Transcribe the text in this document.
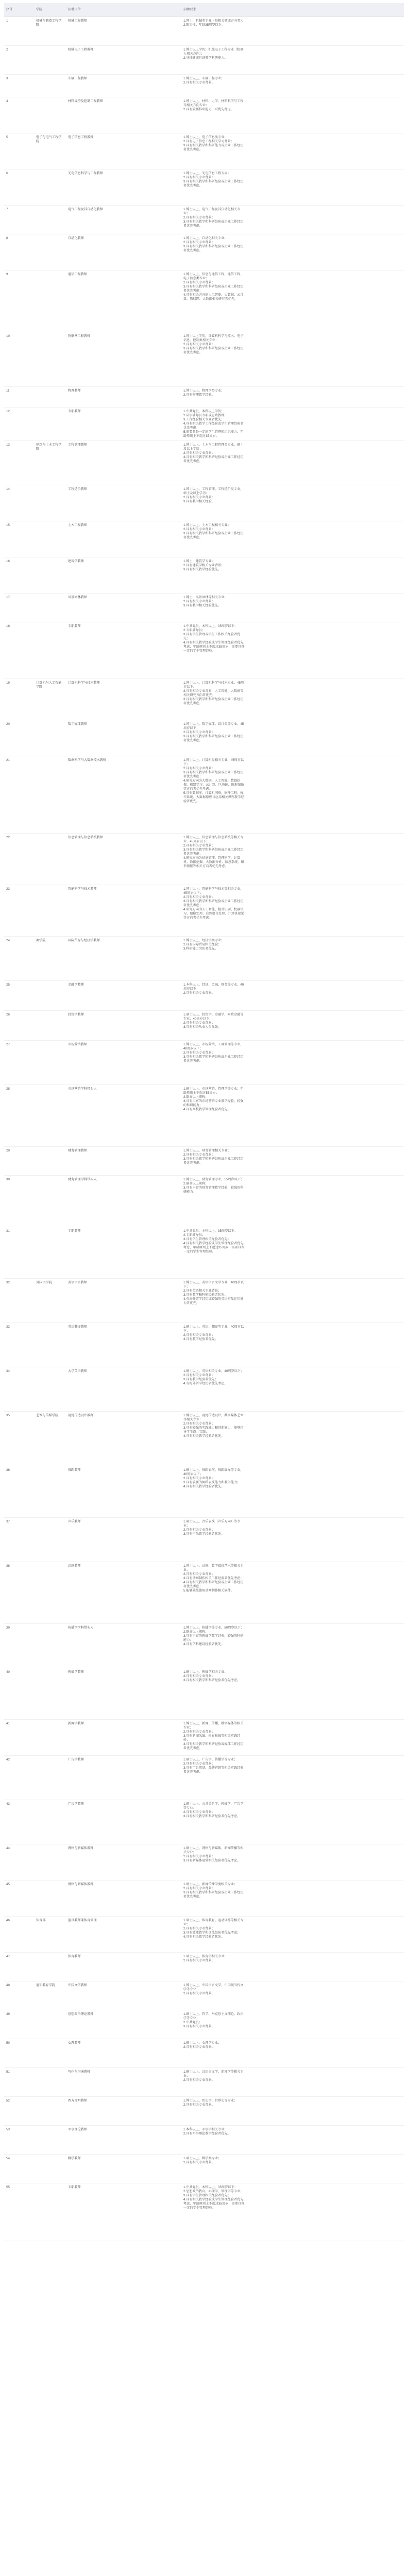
序号	学院	招聘岗位		招聘要求	
1	机械与制造工程学院	机械工程教师		1.博士，机械类专业（限相关领域方向者）；
2.限男性；年龄35周岁以下。	
2		机械电子工程教师		1.博士以上学历；机械电子工程专业（机器人相关方向）；
2.身体健康具备教学科研能力。	
3		车辆工程教师		1.博士以上，车辆工程专业；
2.具有相关专业背景。	
4		材料成型及控制工程教师		1.博士以上，材料、力学、材料科学与工程等相关方向专业；
2.具有较强科研能力，可优先考虑。	
5	电子与电气工程学院	电子信息工程教师		1.博士以上，电子信息类专业；
2.具有电子信息工程相关学习背景；
3.具有相关教学和科研能力或企业工作经历者优先考虑。	
6		光电信息科学与工程教师		1.博士以上，光电信息工程方向；
2.具有相关专业背景；
3.具有相关教学和科研经验或企业工作经历者优先考虑。	
7		电气工程及其自动化教师		1.博士以上，电气工程及其自动化相关专业；
2.具有相关专业背景；
3.具有相关教学和科研经验或企业工作经历者优先考虑。	
8		自动化教师		1.博士以上，自动化相关专业；
2.具有相关专业背景；
3.具有相关教学和科研经验或企业工作经历者优先考虑。	
9		通信工程教师		1.博士以上，信息与通信工程、通信工程、电子信息类专业；
2.具有相关专业背景；
3.具有相关教学和科研经验或企业工作经历者优先考虑；
4.具有相关方向的人工智能、大数据、云计算、物联网、大数据相关研究者优先。	
10		物联网工程教师		1.博士以上学历，计算机科学与技术、电子信息、控制类相关专业；
2.具有相关专业背景；
3.具有相关教学和科研经验或企业工作经历者优先考虑。	
11		物理教师		1.博士以上，物理学类专业；
2.具有物理教学经验。	
12		专职教师		1.中共党员，本科以上学历；
2.从事辅导员专职或思政教师；
3.工作经验相关专业者优先；
4.具有相关教学工作经验或学生管理经验者优先考虑；
5.需要具备一定的学生管理和组织能力；年龄原则上不超过35周岁。	
13	建筑与土木工程学院	工程管理教师		1.博士以上，土木与工程管理类专业，硕士及以上学历；
2.具有相关专业背景；
3.具有相关教学和科研经验或企业工作经历者优先考虑。	
14		工程造价教师		1.博士以上，工程管理、工程造价类专业，硕士及以上学历；
2.具有相关专业背景；
3.具有教学相关经验。	
15		土木工程教师		1.博士以上，土木工程相关专业；
2.具有相关专业背景；
3.具有相关教学和科研经验或企业工作经历者优先考虑。	
16		建筑学教师		1.博士，建筑学专业；
2.具有建筑学相关专业背景；
3.具有相关教学经验优先。	
17		风景园林教师		1.博士，风景园林等相关专业；
2.具有相关专业背景；
3.具有教学相关经验优先。	
18		专职教师		1.中共党员，本科以上，35周岁以下；
2.专职辅导员；
3.具有学生管理或学生工作相关经验者优先；
4.具有相关教学经验或学生管理经验者优先考虑，年龄原则上不超过35周岁，需要具备一定的学生管理经验。	
19	计算机与人工智能学院	计算机科学与技术教师		1.博士以上，计算机科学与技术专业，45周岁以下；
2.具有相关专业背景，人工智能、大数据等相关研究方向者优先；
3.具有相关教学和科研经验或企业工作经历者优先考虑。	
20		数字媒体教师		1.博士以上，数字媒体、设计类等专业，45周岁以下；
2.具有相关专业背景；
3.具有相关教学和科研经验或企业工作经历者优先考虑。	
21		数据科学与大数据技术教师		1.博士以上，计算机类相关专业，45周岁以下；
2.具有相关专业背景；
3.具有相关教学和科研经验或企业工作经历者优先考虑；
4.研究方向为大数据、人工智能、数据挖掘、机器学习、云计算、区块链、图形图像等方向者优先考虑；
5.具有数据库、计算机网络、软件工程、操作系统、大数据原理与应用相关课程教学经验者优先。	
22		信息管理与信息系统教师		1.博士以上，信息管理与信息系统等相关专业，45周岁以下；
2.具有相关专业背景；
3.具有相关教学和科研经验或企业工作经历者优先考虑；
4.研究方向为信息管理、管理科学、计算机、数据挖掘、大数据分析、信息系统、图书情报等相关方向者优先考虑。	
23		智能科学与技术教师		1.博士以上，智能科学与技术等相关专业，45周岁以下；
2.具有相关专业背景；
3.具有相关教学和科研经验或企业工作经历者优先考虑；
4.研究方向为人工智能、模式识别、机器学习、图像处理、自然语言处理、计算机视觉等方向者优先考虑。	
24	商学院	国际贸易与经济学教师		1.博士以上，经济学类专业；
2.具有国际贸易相关经验；
3.科研能力突出者优先。	
25		金融学教师		1.本科以上，经济、金融、财务等专业，40周岁以下；
2.具有相关专业背景。	
26		投资学教师		1.硕士以上，投资学、金融学、财政金融等专业，40周岁以下；
2.具有相关专业背景；
3.具有相关从业人员优先。	
27		市场营销教师		1.博士以上，市场营销、工商管理等专业，40周岁以下；
2.具有相关专业背景；
3.具有相关教学和科研经验或企业工作经历者优先考虑。	
28		市场营销学科带头人		1.硕士以上，市场营销、管理学等专业；年龄原则上不超过55周岁；
2.副高以上职称；
3.具有丰富的市场营销专业教学经验，较强的科研能力；
4.具有高校教学管理经验者优先。	
29		财务管理教师		1.博士以上，财务管理相关专业；
2.具有相关专业背景；
3.具有相关教学和科研经验或企业工作经历者优先考虑。	
30		财务管理学科带头人		1.博士以上，财务管理专业，55周岁以下；
2.副高以上职称；
3.具有丰富的财务管理教学经验，较强的科研能力。	
31		专职教师		1.中共党员，本科以上，35周岁以下；
2.专职辅导员；
3.具有学生管理相关经验者优先；
4.具有相关教学经验或学生管理经验者优先考虑，年龄原则上不超过35周岁，需要具备一定的学生管理经验。	
32	外国语学院	英语语言教师		1.博士以上，英语语言文学专业，40周岁以下；
2.具有英语相关专业背景；
3.具有教学和科研经验者优先；
4.有海外留学经历或较强的英语实际运用能力者优先。	
33		英语翻译教师		1.硕士以上，英语、翻译等专业，40周岁以下；
2.具有相关专业背景；
3.具有教学经验者优先。	
34		大学英语教师		1.硕士以上，英语相关专业，40周岁以下；
2.具有相关专业背景；
3.具有教学经验者优先；
4.有海外留学经历者优先考虑。	
35	艺术与传媒学院	视觉传达设计教师		1.博士以上，视觉传达设计、数字媒体艺术等相关专业；
2.具有相关专业背景；
3.具有较强的实践能力和创新能力，能够指导学生设计实践；
4.具有相关教学经验者优先。	
36		舞蹈教师		1.硕士以上，舞蹈表演、舞蹈编导等专业，40周岁以下；
2.具有相关专业背景；
3.具有较强的舞蹈表演能力和教学能力；
4.具有相关教学经验者优先。	
37		声乐教师		1.硕士以上，音乐表演（声乐方向）等专业；
2.具有相关专业背景；
3.具有声乐教学经验者优先。	
38		动画教师		1.博士以上，动画、数字媒体艺术等相关专业；
2.具有相关专业背景；
3.具有动画制作相关工作经验者优先考虑；
4.具有相关教学和科研经验或企业工作经历者优先考虑；
5.能够熟练使用动画制作相关软件。	
39		传播学学科带头人		1.博士以上，传播学等专业，50周岁以下；
2.副高以上职称；
3.具有丰富的传播学教学经验，较强的科研能力；
4.具有学科建设经验者优先。	
40		传播学教师		1.硕士以上，传播学相关专业；
2.具有相关专业背景；
3.具有相关教学和科研经验者优先考虑。	
41		新闻学教师		1.博士以上，新闻、传播、数字媒体等相关专业；
2.具有相关专业背景；
3.具有新闻采编、摄影摄像等相关实践经验；
4.具有相关教学和科研经验或媒体工作经历者优先考虑。	
42		广告学教师		1.硕士以上，广告学、传播学等专业；
2.具有相关专业背景；
3.具有广告策划、品牌营销等相关实践经验者优先考虑。	
43		广告学教师		1.硕士以上，公共关系学、传播学、广告学等专业；
2.具有相关专业背景；
3.具有相关教学和科研经验者优先考虑。	
44		网络与新媒体教师		1.硕士以上，网络与新媒体、新闻传播等相关专业；
2.具有相关专业背景；
3.具有新媒体运营相关经验者优先考虑。	
45		网络与新媒体教师		1.硕士以上，新闻传播学类相关专业；
2.具有相关专业背景；
3.具有相关教学和科研经验或企业工作经历者优先考虑。	
46	体育部	篮球教师兼体育管理		1.硕士以上，体育教育、运动训练等相关专业；
2.具有相关专业背景；
3.具有篮球教学和训练经验者优先考虑；
4.具有相关教学经验者优先。	
47		体育教师		1.硕士以上，体育学相关专业；
2.具有相关专业背景。	
48	通识教育学院	中国文学教师		1.博士以上，中国语言文学、中国现当代文学等专业；
2.具有相关专业背景。	
49		思想政治理论教师		1.硕士以上，哲学、马克思主义理论、政治学等专业；
2.中共党员；
3.具有相关专业背景。	
50		心理教师		1.硕士以上，心理学专业；
2.具有相关专业背景。	
51		写作与沟通教师		1.硕士以上，汉语言文学、新闻学等相关专业；
2.具有相关专业背景。	
52		西方文明教师		1.博士以上，历史学、世界史等专业；
2.具有相关专业背景。	
53		军事理论教师		1.本科以上，军事学相关专业；
2.具有军事理论教学经验者优先。	
54		数学教师		1.硕士以上，数学类专业；
2.具有相关专业背景。	
55		专职教师		1.中共党员，本科以上，35周岁以下；
2.思想政治教育、心理学、管理学等专业；
3.具有学生管理相关经验者优先；
4.具有相关教学经验或学生管理经验者优先考虑，年龄原则上不超过35周岁，需要具备一定的学生管理经验。	
